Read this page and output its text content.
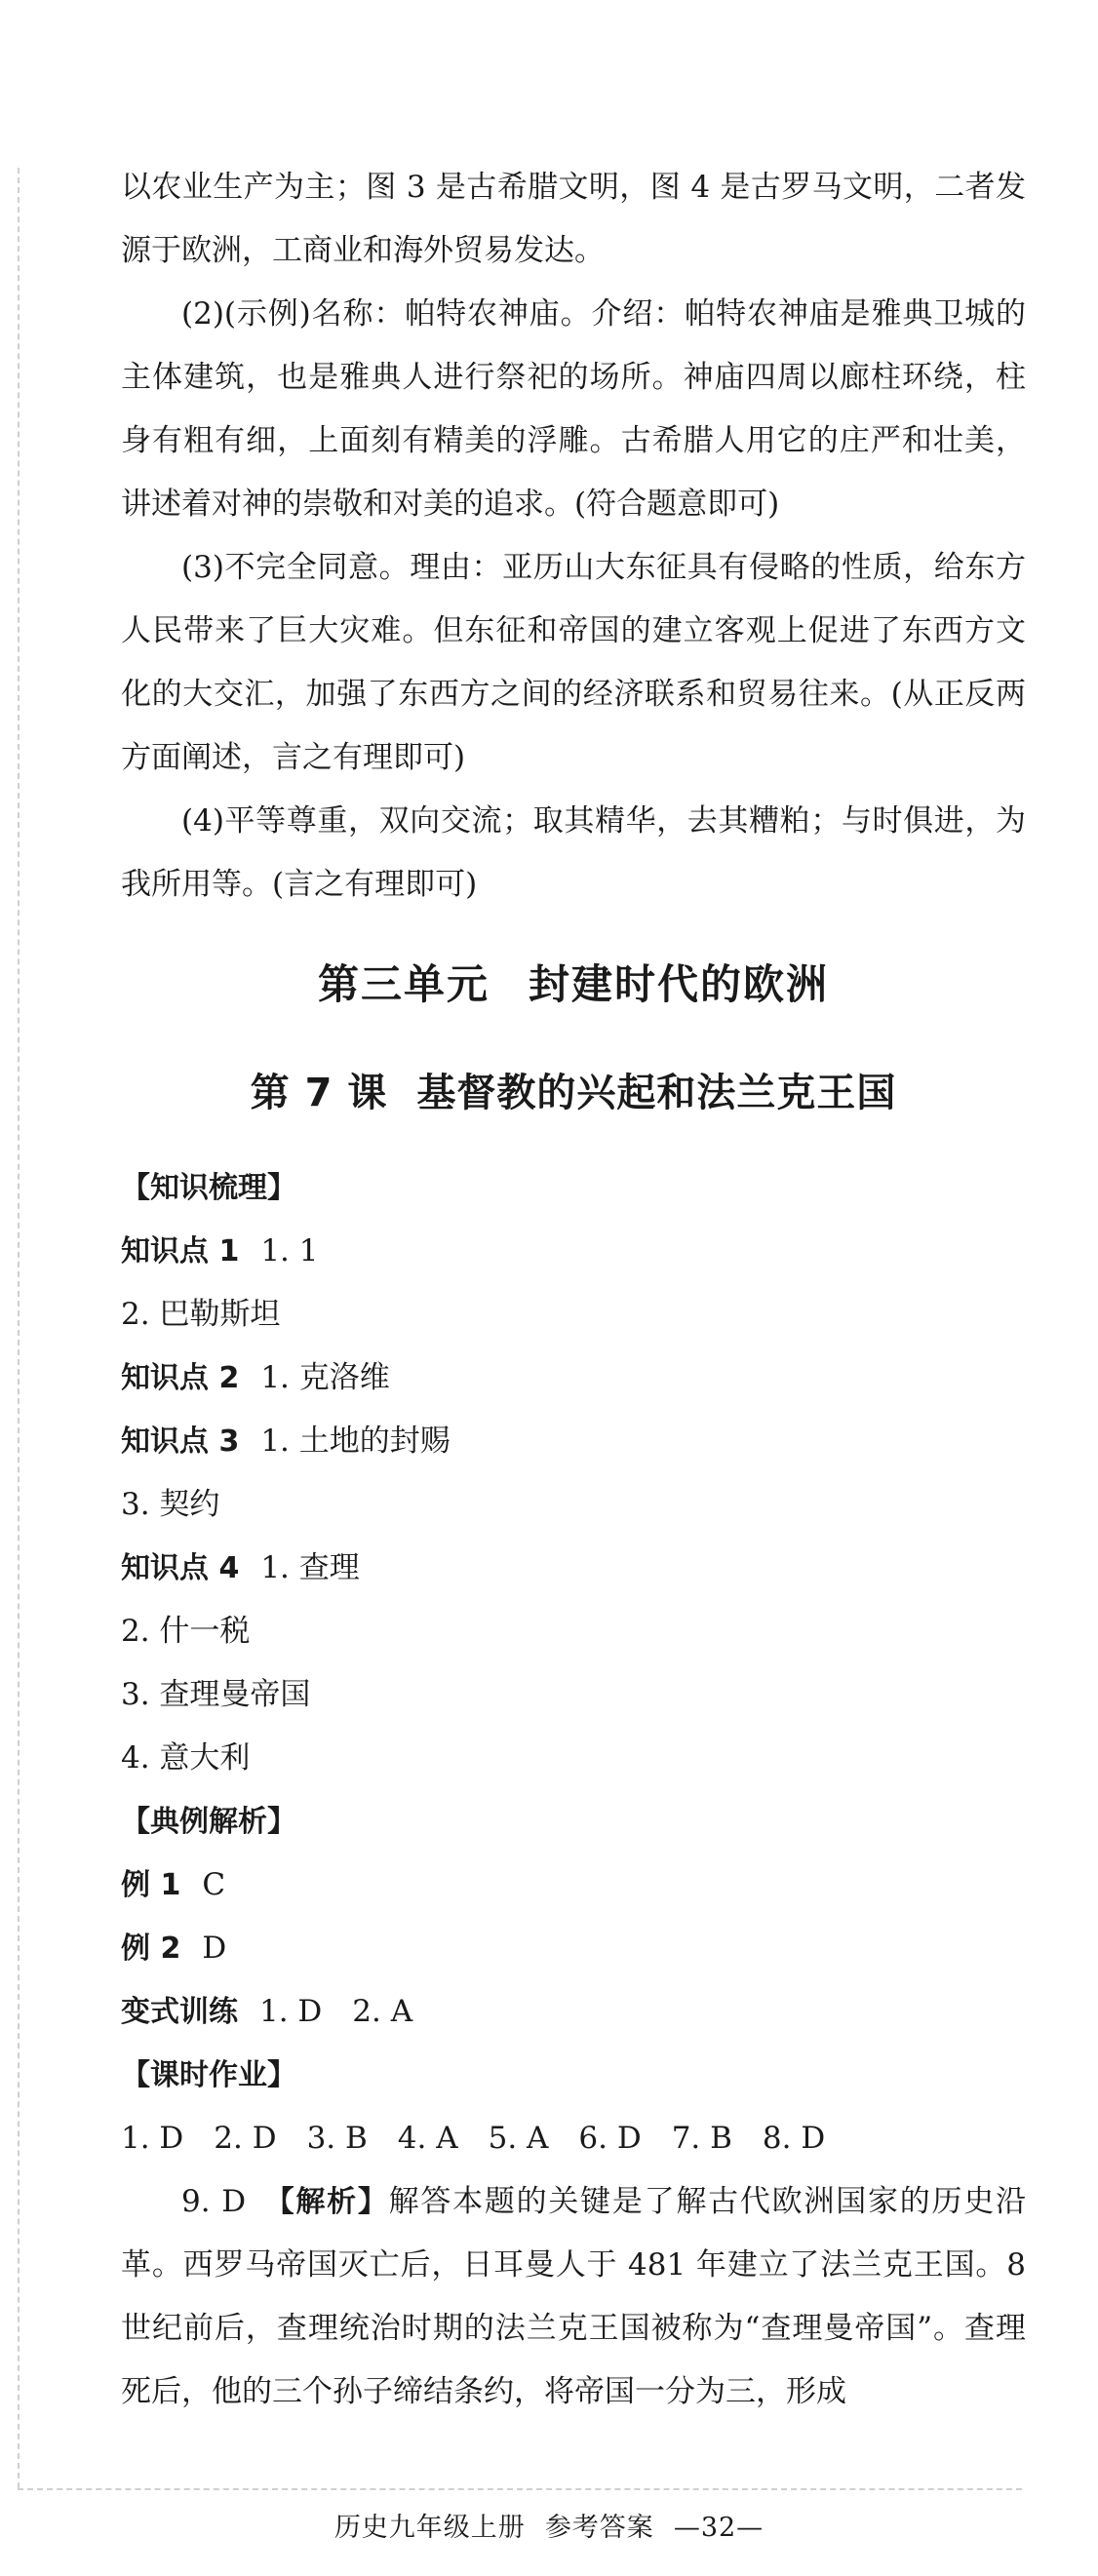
以农业生产为主；图 3 是古希腊文明，图 4 是古罗马文明，二者发源于欧洲，工商业和海外贸易发达。

(2)(示例)名称：帕特农神庙。介绍：帕特农神庙是雅典卫城的主体建筑，也是雅典人进行祭祀的场所。神庙四周以廊柱环绕，柱身有粗有细，上面刻有精美的浮雕。古希腊人用它的庄严和壮美，讲述着对神的崇敬和对美的追求。(符合题意即可)

(3)不完全同意。理由：亚历山大东征具有侵略的性质，给东方人民带来了巨大灾难。但东征和帝国的建立客观上促进了东西方文化的大交汇，加强了东西方之间的经济联系和贸易往来。(从正反两方面阐述，言之有理即可)

(4)平等尊重，双向交流；取其精华，去其糟粕；与时俱进，为我所用等。(言之有理即可)

第三单元 封建时代的欧洲
第 7 课 基督教的兴起和法兰克王国

【知识梳理】

知识点 1 1. 1

2. 巴勒斯坦

知识点 2 1. 克洛维

知识点 3 1. 土地的封赐

3. 契约

知识点 4 1. 查理

2. 什一税

3. 查理曼帝国

4. 意大利

【典例解析】

例 1 C

例 2 D

变式训练 1. D　2. A

【课时作业】

1. D　2. D　3. B　4. A　5. A　6. D　7. B　8. D

9. D　 【解析】解答本题的关键是了解古代欧洲国家的历史沿革。西罗马帝国灭亡后，日耳曼人于 481 年建立了法兰克王国。8 世纪前后，查理统治时期的法兰克王国被称为“查理曼帝国”。查理死后，他的三个孙子缔结条约，将帝国一分为三，形成

历史九年级上册 参考答案 —32—
